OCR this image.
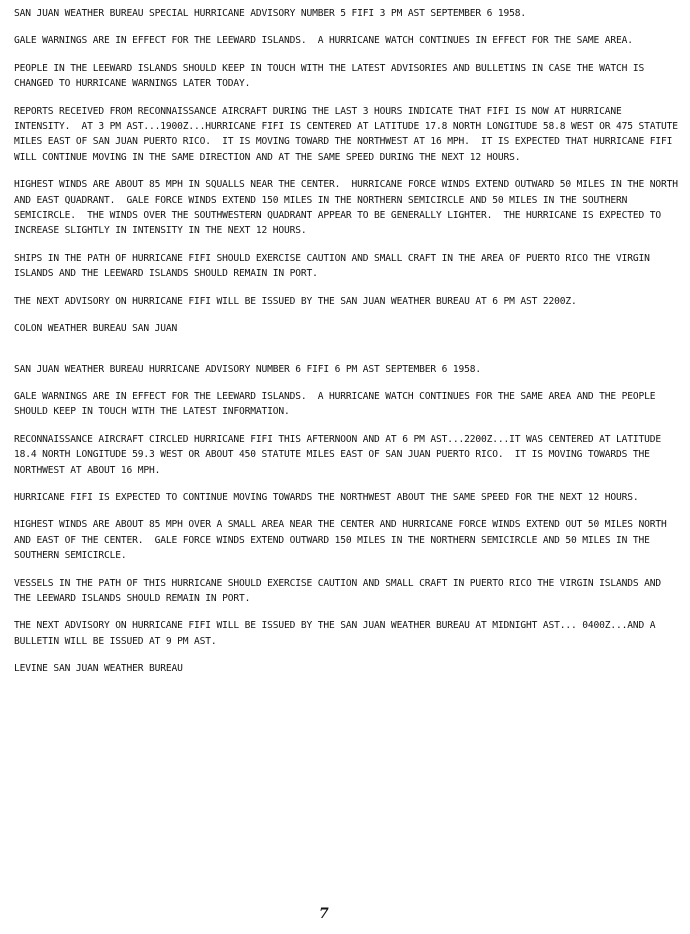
SAN JUAN WEATHER BUREAU SPECIAL HURRICANE ADVISORY NUMBER 5 FIFI 3 PM AST SEPTEMBER 6 1958.

GALE WARNINGS ARE IN EFFECT FOR THE LEEWARD ISLANDS.  A HURRICANE WATCH CONTINUES IN EFFECT FOR THE SAME AREA.

PEOPLE IN THE LEEWARD ISLANDS SHOULD KEEP IN TOUCH WITH THE LATEST ADVISORIES AND BULLETINS IN CASE THE WATCH IS CHANGED TO HURRICANE WARNINGS LATER TODAY.

REPORTS RECEIVED FROM RECONNAISSANCE AIRCRAFT DURING THE LAST 3 HOURS INDICATE THAT FIFI IS NOW AT HURRICANE INTENSITY.  AT 3 PM AST...1900Z...HURRICANE FIFI IS CENTERED AT LATITUDE 17.8 NORTH LONGITUDE 58.8 WEST OR 475 STATUTE MILES EAST OF SAN JUAN PUERTO RICO.  IT IS MOVING TOWARD THE NORTHWEST AT 16 MPH.  IT IS EXPECTED THAT HURRICANE FIFI WILL CONTINUE MOVING IN THE SAME DIRECTION AND AT THE SAME SPEED DURING THE NEXT 12 HOURS.

HIGHEST WINDS ARE ABOUT 85 MPH IN SQUALLS NEAR THE CENTER.  HURRICANE FORCE WINDS EXTEND OUTWARD 50 MILES IN THE NORTH AND EAST QUADRANT.  GALE FORCE WINDS EXTEND 150 MILES IN THE NORTHERN SEMICIRCLE AND 50 MILES IN THE SOUTHERN SEMICIRCLE.  THE WINDS OVER THE SOUTHWESTERN QUADRANT APPEAR TO BE GENERALLY LIGHTER.  THE HURRICANE IS EXPECTED TO INCREASE SLIGHTLY IN INTENSITY IN THE NEXT 12 HOURS.

SHIPS IN THE PATH OF HURRICANE FIFI SHOULD EXERCISE CAUTION AND SMALL CRAFT IN THE AREA OF PUERTO RICO THE VIRGIN ISLANDS AND THE LEEWARD ISLANDS SHOULD REMAIN IN PORT.

THE NEXT ADVISORY ON HURRICANE FIFI WILL BE ISSUED BY THE SAN JUAN WEATHER BUREAU AT 6 PM AST 2200Z.

COLON WEATHER BUREAU SAN JUAN

SAN JUAN WEATHER BUREAU HURRICANE ADVISORY NUMBER 6 FIFI 6 PM AST SEPTEMBER 6 1958.

GALE WARNINGS ARE IN EFFECT FOR THE LEEWARD ISLANDS.  A HURRICANE WATCH CONTINUES FOR THE SAME AREA AND THE PEOPLE SHOULD KEEP IN TOUCH WITH THE LATEST INFORMATION.

RECONNAISSANCE AIRCRAFT CIRCLED HURRICANE FIFI THIS AFTERNOON AND AT 6 PM AST...2200Z...IT WAS CENTERED AT LATITUDE 18.4 NORTH LONGITUDE 59.3 WEST OR ABOUT 450 STATUTE MILES EAST OF SAN JUAN PUERTO RICO.  IT IS MOVING TOWARDS THE NORTHWEST AT ABOUT 16 MPH.

HURRICANE FIFI IS EXPECTED TO CONTINUE MOVING TOWARDS THE NORTHWEST ABOUT THE SAME SPEED FOR THE NEXT 12 HOURS.

HIGHEST WINDS ARE ABOUT 85 MPH OVER A SMALL AREA NEAR THE CENTER AND HURRICANE FORCE WINDS EXTEND OUT 50 MILES NORTH AND EAST OF THE CENTER.  GALE FORCE WINDS EXTEND OUTWARD 150 MILES IN THE NORTHERN SEMICIRCLE AND 50 MILES IN THE SOUTHERN SEMICIRCLE.

VESSELS IN THE PATH OF THIS HURRICANE SHOULD EXERCISE CAUTION AND SMALL CRAFT IN PUERTO RICO THE VIRGIN ISLANDS AND THE LEEWARD ISLANDS SHOULD REMAIN IN PORT.

THE NEXT ADVISORY ON HURRICANE FIFI WILL BE ISSUED BY THE SAN JUAN WEATHER BUREAU AT MIDNIGHT AST... 0400Z...AND A BULLETIN WILL BE ISSUED AT 9 PM AST.

LEVINE SAN JUAN WEATHER BUREAU

7
